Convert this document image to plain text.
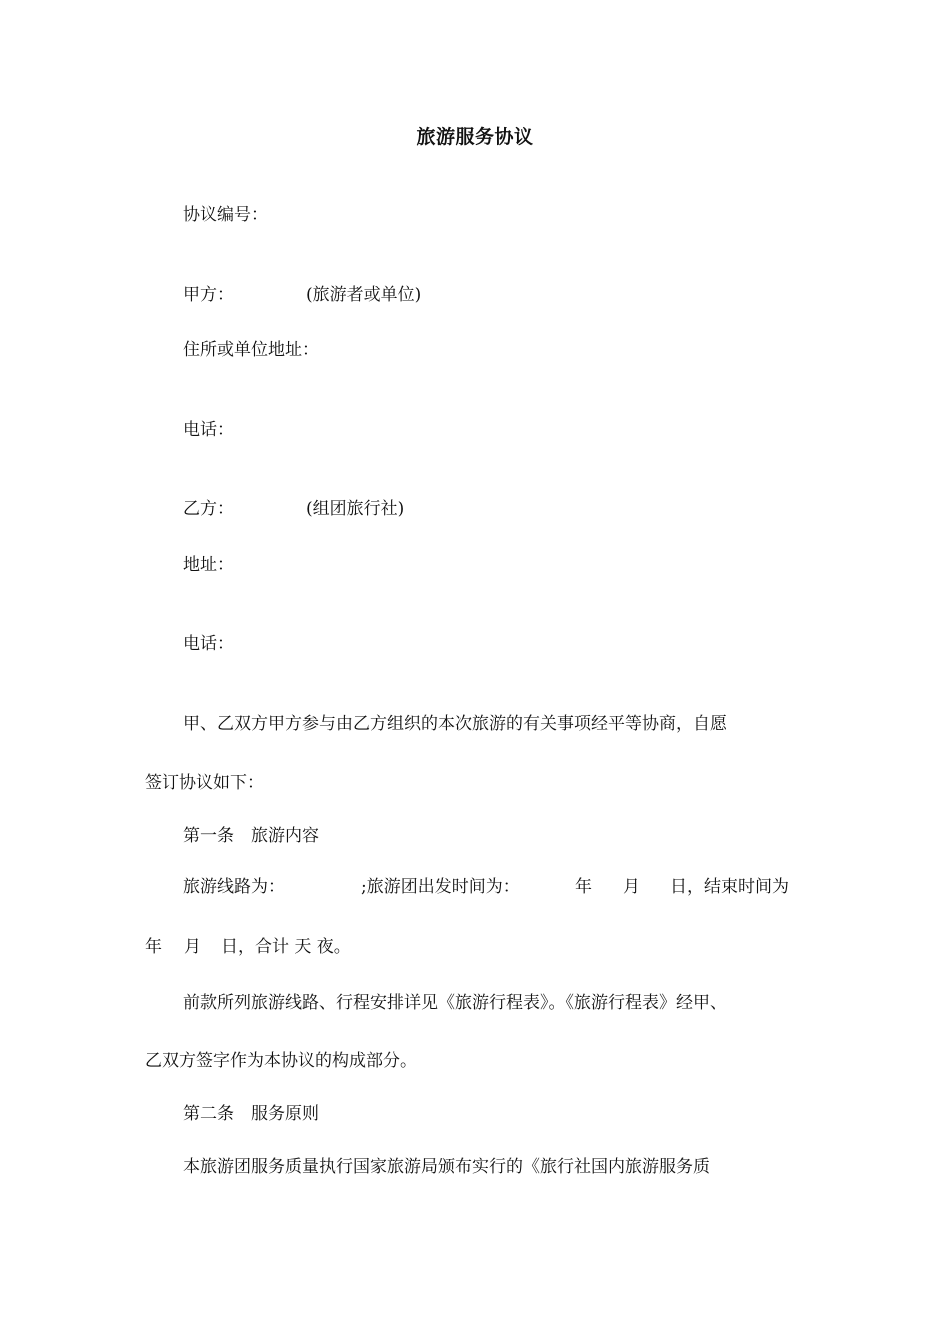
旅游服务协议
协议编号：
甲方：	(旅游者或单位)
住所或单位地址：
电话：
乙方：	(组团旅行社)
地址：
电话：
甲、乙双方甲方参与由乙方组织的本次旅游的有关事项经平等协商，自愿
签订协议如下：
第一条　旅游内容
旅游线路为：	;旅游团出发时间为：	年 月 日，结束时间为
年 月 日，合计 天 夜。
前款所列旅游线路、行程安排详见《旅游行程表》。《旅游行程表》经甲、
乙双方签字作为本协议的构成部分。
第二条　服务原则
本旅游团服务质量执行国家旅游局颁布实行的《旅行社国内旅游服务质
